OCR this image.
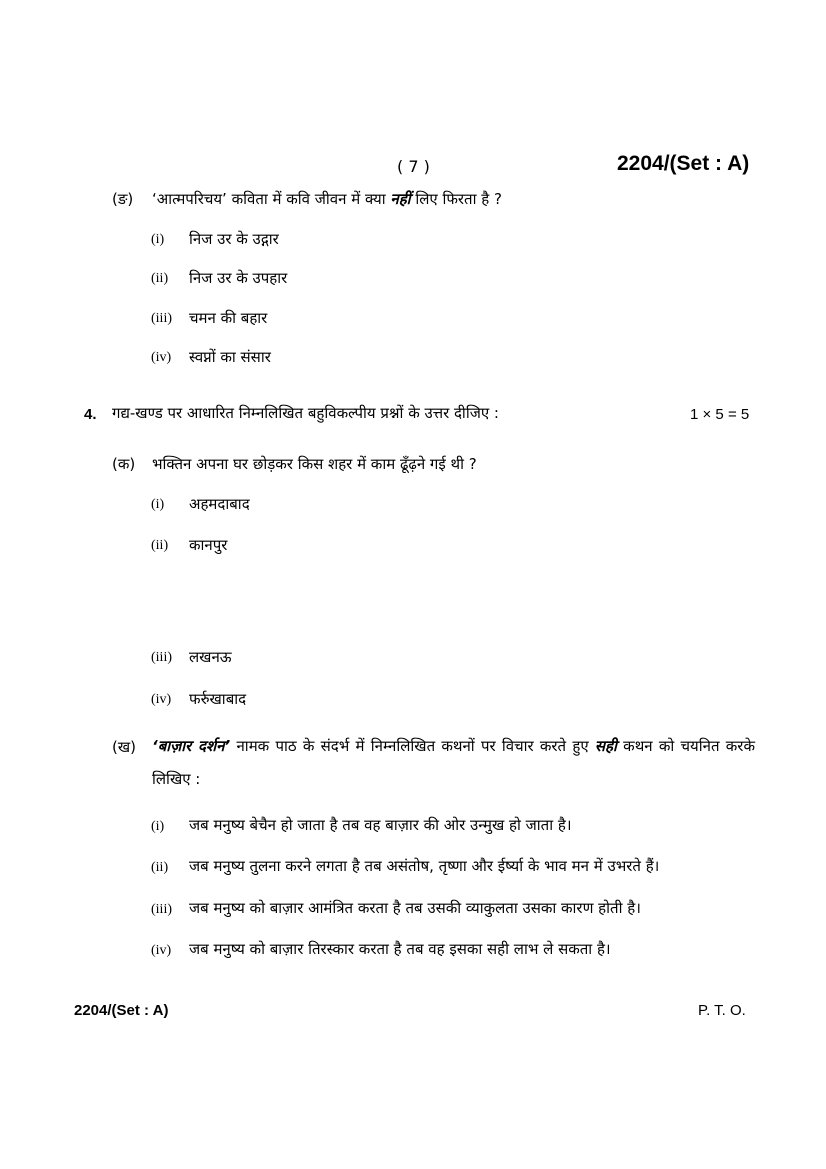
( 7 )	2204/(Set : A)
(ङ) ‘आत्मपरिचय’ कविता में कवि जीवन में क्या नहीं लिए फिरता है ?
(i) निज उर के उद्गार
(ii) निज उर के उपहार
(iii) चमन की बहार
(iv) स्वप्नों का संसार
4. गद्य-खण्ड पर आधारित निम्नलिखित बहुविकल्पीय प्रश्नों के उत्तर दीजिए :	1 × 5 = 5
(क) भक्तिन अपना घर छोड़कर किस शहर में काम ढूँढ़ने गई थी ?
(i) अहमदाबाद
(ii) कानपुर
(iii) लखनऊ
(iv) फर्रुखाबाद
(ख) ‘बाज़ार दर्शन’ नामक पाठ के संदर्भ में निम्नलिखित कथनों पर विचार करते हुए सही कथन को चयनित करके लिखिए :
(i) जब मनुष्य बेचैन हो जाता है तब वह बाज़ार की ओर उन्मुख हो जाता है।
(ii) जब मनुष्य तुलना करने लगता है तब असंतोष, तृष्णा और ईर्ष्या के भाव मन में उभरते हैं।
(iii) जब मनुष्य को बाज़ार आमंत्रित करता है तब उसकी व्याकुलता उसका कारण होती है।
(iv) जब मनुष्य को बाज़ार तिरस्कार करता है तब वह इसका सही लाभ ले सकता है।
2204/(Set : A)	P. T. O.
